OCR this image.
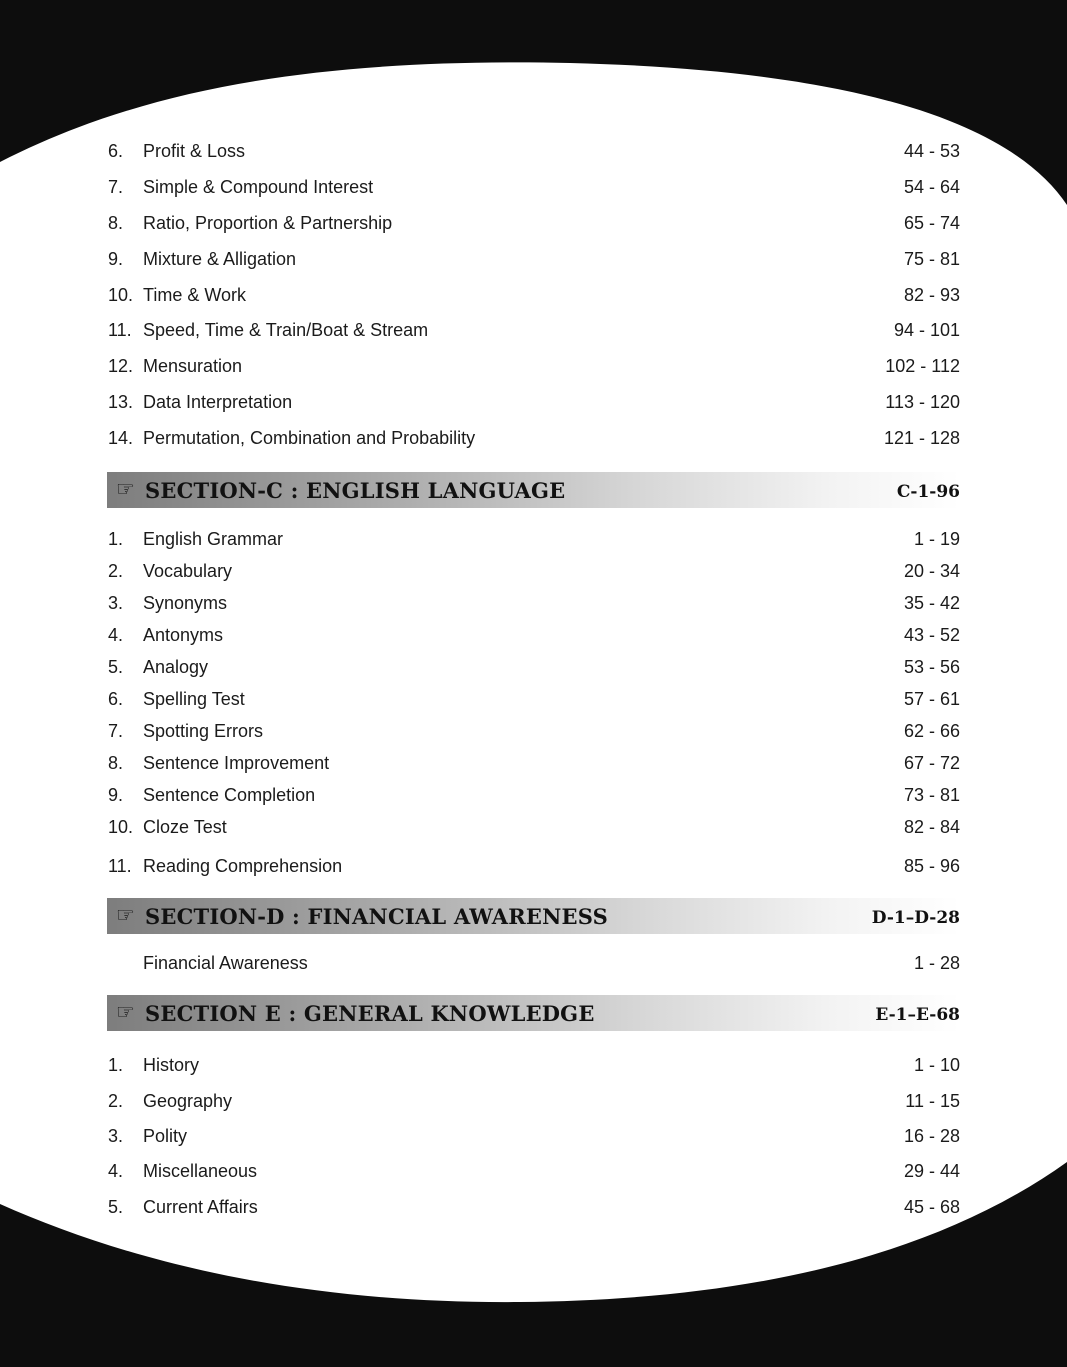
6. Profit & Loss	44 - 53
7. Simple & Compound Interest	54 - 64
8. Ratio, Proportion & Partnership	65 - 74
9. Mixture & Alligation	75 - 81
10. Time & Work	82 - 93
11. Speed, Time & Train/Boat & Stream	94 - 101
12. Mensuration	102 - 112
13. Data Interpretation	113 - 120
14. Permutation, Combination and Probability	121 - 128
☞ SECTION-C : ENGLISH LANGUAGE	C-1-96
1. English Grammar	1 - 19
2. Vocabulary	20 - 34
3. Synonyms	35 - 42
4. Antonyms	43 - 52
5. Analogy	53 - 56
6. Spelling Test	57 - 61
7. Spotting Errors	62 - 66
8. Sentence Improvement	67 - 72
9. Sentence Completion	73 - 81
10. Cloze Test	82 - 84
11. Reading Comprehension	85 - 96
☞ SECTION-D : FINANCIAL AWARENESS	D-1–D-28
Financial Awareness	1 - 28
☞ SECTION E : GENERAL KNOWLEDGE	E-1–E-68
1. History	1 - 10
2. Geography	11 - 15
3. Polity	16 - 28
4. Miscellaneous	29 - 44
5. Current Affairs	45 - 68
